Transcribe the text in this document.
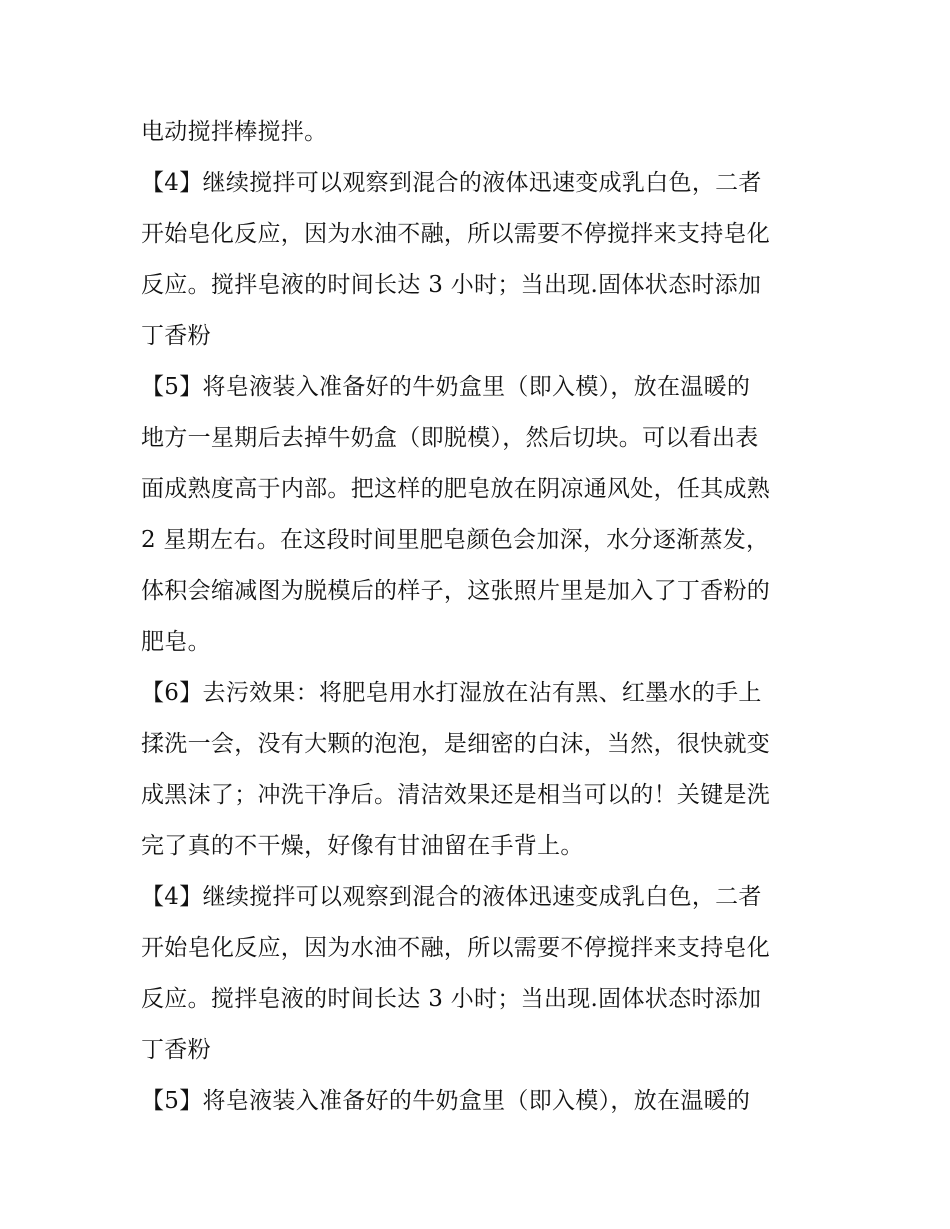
电动搅拌棒搅拌。
【4】继续搅拌可以观察到混合的液体迅速变成乳白色，二者
开始皂化反应，因为水油不融，所以需要不停搅拌来支持皂化
反应。搅拌皂液的时间长达 3 小时；当出现.固体状态时添加
丁香粉
【5】将皂液装入准备好的牛奶盒里（即入模），放在温暖的
地方一星期后去掉牛奶盒（即脱模），然后切块。可以看出表
面成熟度高于内部。把这样的肥皂放在阴凉通风处，任其成熟
2 星期左右。在这段时间里肥皂颜色会加深，水分逐渐蒸发，
体积会缩减图为脱模后的样子，这张照片里是加入了丁香粉的
肥皂。
【6】去污效果：将肥皂用水打湿放在沾有黑、红墨水的手上
揉洗一会，没有大颗的泡泡，是细密的白沫，当然，很快就变
成黑沫了；冲洗干净后。清洁效果还是相当可以的！关键是洗
完了真的不干燥，好像有甘油留在手背上。
【4】继续搅拌可以观察到混合的液体迅速变成乳白色，二者
开始皂化反应，因为水油不融，所以需要不停搅拌来支持皂化
反应。搅拌皂液的时间长达 3 小时；当出现.固体状态时添加
丁香粉
【5】将皂液装入准备好的牛奶盒里（即入模），放在温暖的
